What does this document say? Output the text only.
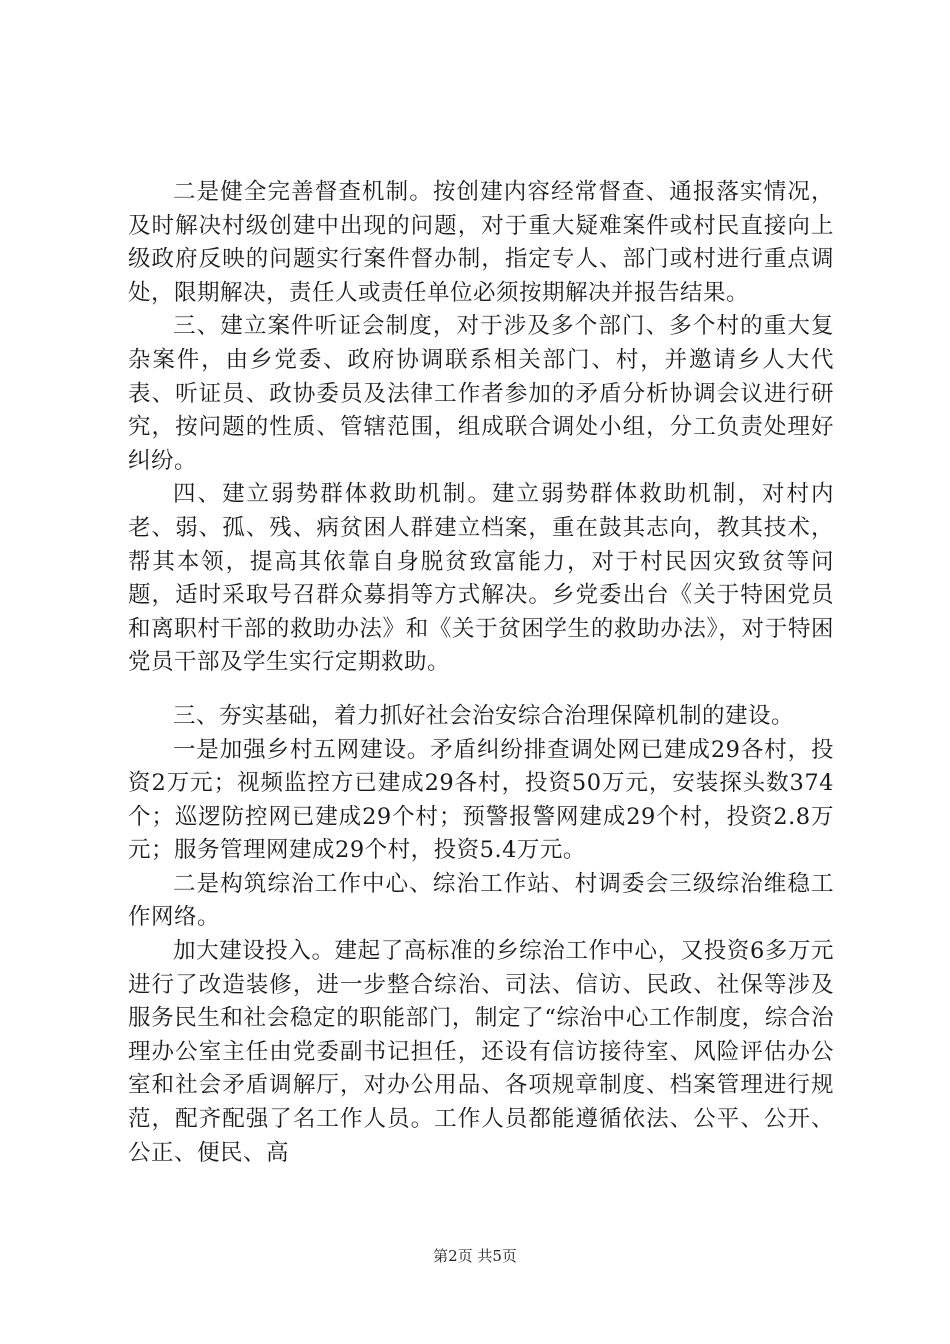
二是健全完善督查机制。按创建内容经常督查、通报落实情况，及时解决村级创建中出现的问题，对于重大疑难案件或村民直接向上级政府反映的问题实行案件督办制，指定专人、部门或村进行重点调处，限期解决，责任人或责任单位必须按期解决并报告结果。

三、建立案件听证会制度，对于涉及多个部门、多个村的重大复杂案件，由乡党委、政府协调联系相关部门、村，并邀请乡人大代表、听证员、政协委员及法律工作者参加的矛盾分析协调会议进行研究，按问题的性质、管辖范围，组成联合调处小组，分工负责处理好纠纷。

四、建立弱势群体救助机制。建立弱势群体救助机制，对村内老、弱、孤、残、病贫困人群建立档案，重在鼓其志向，教其技术，帮其本领，提高其依靠自身脱贫致富能力，对于村民因灾致贫等问题，适时采取号召群众募捐等方式解决。乡党委出台《关于特困党员和离职村干部的救助办法》和《关于贫困学生的救助办法》，对于特困党员干部及学生实行定期救助。

三、夯实基础，着力抓好社会治安综合治理保障机制的建设。

一是加强乡村五网建设。矛盾纠纷排查调处网已建成29各村，投资2万元；视频监控方已建成29各村，投资50万元，安装探头数374个；巡逻防控网已建成29个村；预警报警网建成29个村，投资2.8万元；服务管理网建成29个村，投资5.4万元。

二是构筑综治工作中心、综治工作站、村调委会三级综治维稳工作网络。

加大建设投入。建起了高标准的乡综治工作中心，又投资6多万元进行了改造装修，进一步整合综治、司法、信访、民政、社保等涉及服务民生和社会稳定的职能部门，制定了“综治中心工作制度，综合治理办公室主任由党委副书记担任，还设有信访接待室、风险评估办公室和社会矛盾调解厅，对办公用品、各项规章制度、档案管理进行规范，配齐配强了名工作人员。工作人员都能遵循依法、公平、公开、公正、便民、高

第2页 共5页
